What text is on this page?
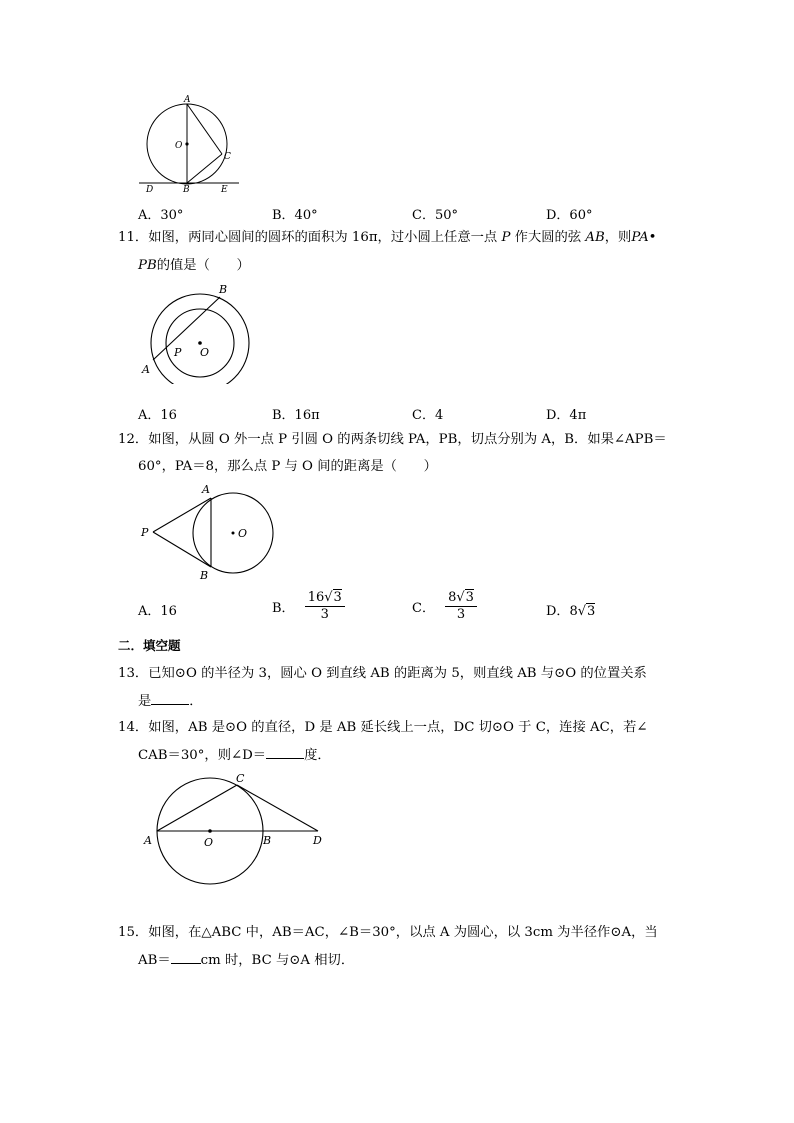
A
O
C
D	B	E
A．30°	B．40°	C．50°	D．60°
11．如图，两同心圆间的圆环的面积为 16π，过小圆上任意一点 P 作大圆的弦 AB，则PA•
PB的值是（　　）
B
P O
A
A．16	B．16π	C．4	D．4π
12．如图，从圆 O 外一点 P 引圆 O 的两条切线 PA，PB，切点分别为 A，B．如果∠APB＝
60°，PA＝8，那么点 P 与 O 间的距离是（　　）
A
P	O
B
A．16	B． $\frac{16√3}{3}$	C． $\frac{8√3}{3}$	D．8√3
二．填空题
13．已知⊙O 的半径为 3，圆心 O 到直线 AB 的距离为 5，则直线 AB 与⊙O 的位置关系
是	．
14．如图，AB 是⊙O 的直径，D 是 AB 延长线上一点，DC 切⊙O 于 C，连接 AC，若∠
CAB＝30°，则∠D＝	度．
C
A	O	B	D
15．如图，在△ABC 中，AB＝AC，∠B＝30°，以点 A 为圆心，以 3cm 为半径作⊙A，当
AB＝ cm 时，BC 与⊙A 相切．
